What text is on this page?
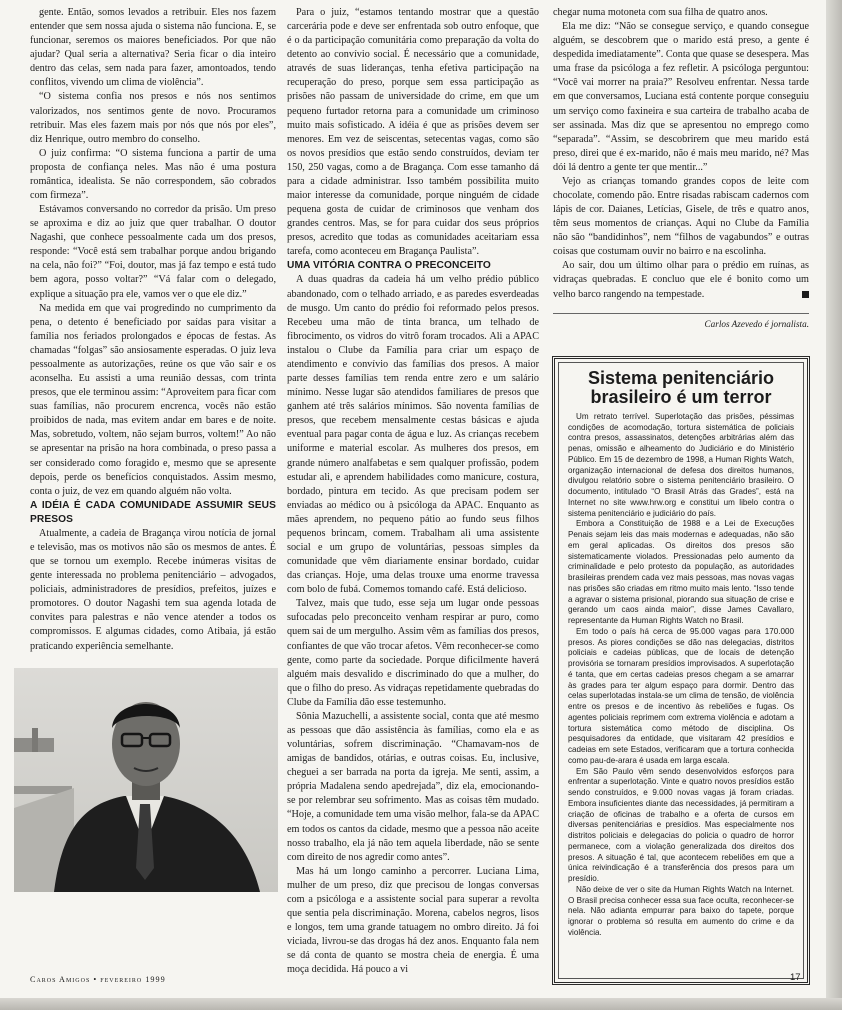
gente. Então, somos levados a retribuir. Eles nos fazem entender que sem nossa ajuda o sistema não funciona. E, se funcionar, seremos os maiores beneficiados. Por que não ajudar? Qual seria a alternativa? Seria ficar o dia inteiro dentro das celas, sem nada para fazer, amontoados, tendo conflitos, vivendo um clima de violência”.

“O sistema confia nos presos e nós nos sentimos valorizados, nos sentimos gente de novo. Procuramos retribuir. Mas eles fazem mais por nós que nós por eles”, diz Henrique, outro membro do conselho.

O juiz confirma: “O sistema funciona a partir de uma proposta de confiança neles. Mas não é uma postura romântica, idealista. Se não correspondem, são cobrados com firmeza”.

Estávamos conversando no corredor da prisão. Um preso se aproxima e diz ao juiz que quer trabalhar. O doutor Nagashi, que conhece pessoalmente cada um dos presos, responde: “Você está sem trabalhar porque andou brigando na cela, não foi?” “Foi, doutor, mas já faz tempo e está tudo bem agora, posso voltar?” “Vá falar com o delegado, explique a situação pra ele, vamos ver o que ele diz.”

Na medida em que vai progredindo no cumprimento da pena, o detento é beneficiado por saídas para visitar a família nos feriados prolongados e épocas de festas. As chamadas “folgas” são ansiosamente esperadas. O juiz leva pessoalmente as autorizações, reúne os que vão sair e os aconselha. Eu assisti a uma reunião dessas, com trinta presos, que ele terminou assim: “Aproveitem para ficar com suas famílias, não procurem encrenca, vocês não estão proibidos de nada, mas evitem andar em bares e de noite. Mas, sobretudo, voltem, não sejam burros, voltem!” Ao não se apresentar na prisão na hora combinada, o preso passa a ser considerado como foragido e, mesmo que se apresente depois, perde os benefícios conquistados. Assim mesmo, conta o juiz, de vez em quando alguém não volta.

A IDÉIA É CADA COMUNIDADE ASSUMIR SEUS PRESOS

Atualmente, a cadeia de Bragança virou notícia de jornal e televisão, mas os motivos não são os mesmos de antes. É que se tornou um exemplo. Recebe inúmeras visitas de gente interessada no problema penitenciário – advogados, policiais, administradores de presídios, prefeitos, juízes e promotores. O doutor Nagashi tem sua agenda lotada de convites para palestras e não vence atender a todos os compromissos. E algumas cidades, como Atibaia, já estão praticando experiência semelhante.

Para o juiz, “estamos tentando mostrar que a questão carcerária pode e deve ser enfrentada sob outro enfoque, que é o da participação comunitária como preparação da volta do detento ao convívio social. É necessário que a comunidade, através de suas lideranças, tenha efetiva participação na recuperação do preso, porque sem essa participação as prisões não passam de universidade do crime, em que um pequeno furtador retorna para a comunidade um criminoso muito mais sofisticado. A idéia é que as prisões devem ser menores. Em vez de seiscentas, setecentas vagas, como são os novos presídios que estão sendo construídos, deviam ter 150, 250 vagas, como a de Bragança. Com esse tamanho dá para a cidade administrar. Isso também possibilita muito maior interesse da comunidade, porque ninguém de cidade pequena gosta de cuidar de criminosos que venham dos grandes centros. Mas, se for para cuidar dos seus próprios presos, acredito que todas as comunidades aceitariam essa tarefa, como aconteceu em Bragança Paulista”.

UMA VITÓRIA CONTRA O PRECONCEITO

A duas quadras da cadeia há um velho prédio público abandonado, com o telhado arriado, e as paredes esverdeadas de musgo. Um canto do prédio foi reformado pelos presos. Recebeu uma mão de tinta branca, um telhado de fibrocimento, os vidros do vitrô foram trocados. Ali a APAC instalou o Clube da Família para criar um espaço de atendimento e convívio das famílias dos presos. A maior parte desses famílias tem renda entre zero e um salário mínimo. Nesse lugar são atendidos familiares de presos que ganhem até três salários mínimos. São noventa famílias de presos, que recebem mensalmente cestas básicas e ajuda eventual para pagar conta de água e luz. As crianças recebem uniforme e material escolar. As mulheres dos presos, em grande número analfabetas e sem qualquer profissão, podem estudar ali, e aprendem habilidades como manicure, costura, bordado, pintura em tecido. As que precisam podem ser enviadas ao médico ou à psicóloga da APAC. Enquanto as mães aprendem, no pequeno pátio ao fundo seus filhos pequenos brincam, comem. Trabalham ali uma assistente social e um grupo de voluntárias, pessoas simples da comunidade que vêm diariamente ensinar bordado, cuidar das crianças. Hoje, uma delas trouxe uma enorme travessa com bolo de fubá. Comemos tomando café. Está delicioso.

Talvez, mais que tudo, esse seja um lugar onde pessoas sufocadas pelo preconceito venham respirar ar puro, como quem sai de um mergulho. Assim vêm as famílias dos presos, confiantes de que vão trocar afetos. Vêm reconhecer-se como gente, como parte da sociedade. Porque dificilmente haverá alguém mais desvalido e discriminado do que a mulher, do que o filho do preso. As vidraças repetidamente quebradas do Clube da Família dão esse testemunho.

Sônia Mazuchelli, a assistente social, conta que até mesmo as pessoas que dão assistência às famílias, como ela e as voluntárias, sofrem discriminação. “Chamavam-nos de amigas de bandidos, otárias, e outras coisas. Eu, inclusive, cheguei a ser barrada na porta da igreja. Me senti, assim, a própria Madalena sendo apedrejada”, diz ela, emocionando-se por relembrar seu sofrimento. Mas as coisas têm mudado. “Hoje, a comunidade tem uma visão melhor, fala-se da APAC em todos os cantos da cidade, mesmo que a pessoa não aceite nosso trabalho, ela já não tem aquela liberdade, não se sente com direito de nos agredir como antes”.

Mas há um longo caminho a percorrer. Luciana Lima, mulher de um preso, diz que precisou de longas conversas com a psicóloga e a assistente social para superar a revolta que sentia pela discriminação. Morena, cabelos negros, lisos e longos, tem uma grande tatuagem no ombro direito. Já foi viciada, livrou-se das drogas há dez anos. Enquanto fala nem se dá conta de quanto se mostra cheia de energia. É uma moça decidida. Há pouco a vi

chegar numa motoneta com sua filha de quatro anos.

Ela me diz: “Não se consegue serviço, e quando consegue alguém, se descobrem que o marido está preso, a gente é despedida imediatamente”. Conta que quase se desespera. Mas uma frase da psicóloga a fez refletir. A psicóloga perguntou: “Você vai morrer na praia?” Resolveu enfrentar. Nessa tarde em que conversamos, Luciana está contente porque conseguiu um serviço como faxineira e sua carteira de trabalho acaba de ser assinada. Mas diz que se apresentou no emprego como “separada”. “Assim, se descobrirem que meu marido está preso, direi que é ex-marido, não é mais meu marido, né? Mas dói lá dentro a gente ter que mentir...”

Vejo as crianças tomando grandes copos de leite com chocolate, comendo pão. Entre risadas rabiscam cadernos com lápis de cor. Daianes, Letícias, Gisele, de três e quatro anos, têm seus momentos de crianças. Aqui no Clube da Família não são “bandidinhos”, nem “filhos de vagabundos” e outras coisas que costumam ouvir no bairro e na escolinha.

Ao sair, dou um último olhar para o prédio em ruínas, as vidraças quebradas. E concluo que ele é bonito como um velho barco rangendo na tempestade.

Carlos Azevedo é jornalista.
Sistema penitenciário brasileiro é um terror

Um retrato terrível. Superlotação das prisões, péssimas condições de acomodação, tortura sistemática de policiais contra presos, assassinatos, detenções arbitrárias além das penas, omissão e alheamento do Judiciário e do Ministério Público. Em 15 de dezembro de 1998, a Human Rights Watch, organização internacional de defesa dos direitos humanos, divulgou relatório sobre o sistema penitenciário brasileiro. O documento, intitulado “O Brasil Atrás das Grades”, está na Internet no site www.hrw.org e constitui um libelo contra o sistema penitenciário e judiciário do país.

Embora a Constituição de 1988 e a Lei de Execuções Penais sejam leis das mais modernas e adequadas, não são em geral aplicadas. Os direitos dos presos são sistematicamente violados. Pressionadas pelo aumento da criminalidade e pelo protesto da população, as autoridades brasileiras prendem cada vez mais pessoas, mas novas vagas nas prisões são criadas em ritmo muito mais lento. “Isso tende a agravar o sistema prisional, piorando sua situação de crise e gerando um caos ainda maior”, disse James Cavallaro, representante da Human Rights Watch no Brasil.

Em todo o país há cerca de 95.000 vagas para 170.000 presos. As piores condições se dão nas delegacias, distritos policiais e cadeias públicas, que de locais de detenção provisória se tornaram presídios improvisados. A superlotação é tanta, que em certas cadeias presos chegam a se amarrar às grades para ter algum espaço para dormir. Dentro das celas superlotadas instala-se um clima de tensão, de violência entre os presos e de incentivo às rebeliões e fugas. Os agentes policiais reprimem com extrema violência e adotam a tortura sistemática como método de disciplina. Os pesquisadores da entidade, que visitaram 42 presídios e cadeias em sete Estados, verificaram que a tortura conhecida como pau-de-arara é usada em larga escala.

Em São Paulo vêm sendo desenvolvidos esforços para enfrentar a superlotação. Vinte e quatro novos presídios estão sendo construídos, e 9.000 novas vagas já foram criadas. Embora insuficientes diante das necessidades, já permitiram a criação de oficinas de trabalho e a oferta de cursos em diversas penitenciárias e presídios. Mas especialmente nos distritos policiais e delegacias do policia o quadro de horror permanece, com a violação generalizada dos direitos dos presos. A situação é tal, que acontecem rebeliões em que a única reivindicação é a transferência dos presos para um presídio.

Não deixe de ver o site da Human Rights Watch na Internet. O Brasil precisa conhecer essa sua face oculta, reconhecer-se nela. Não adianta empurrar para baixo do tapete, porque ignorar o problema só resulta em aumento do crime e da violência.

Caros Amigos • fevereiro 1999	17
